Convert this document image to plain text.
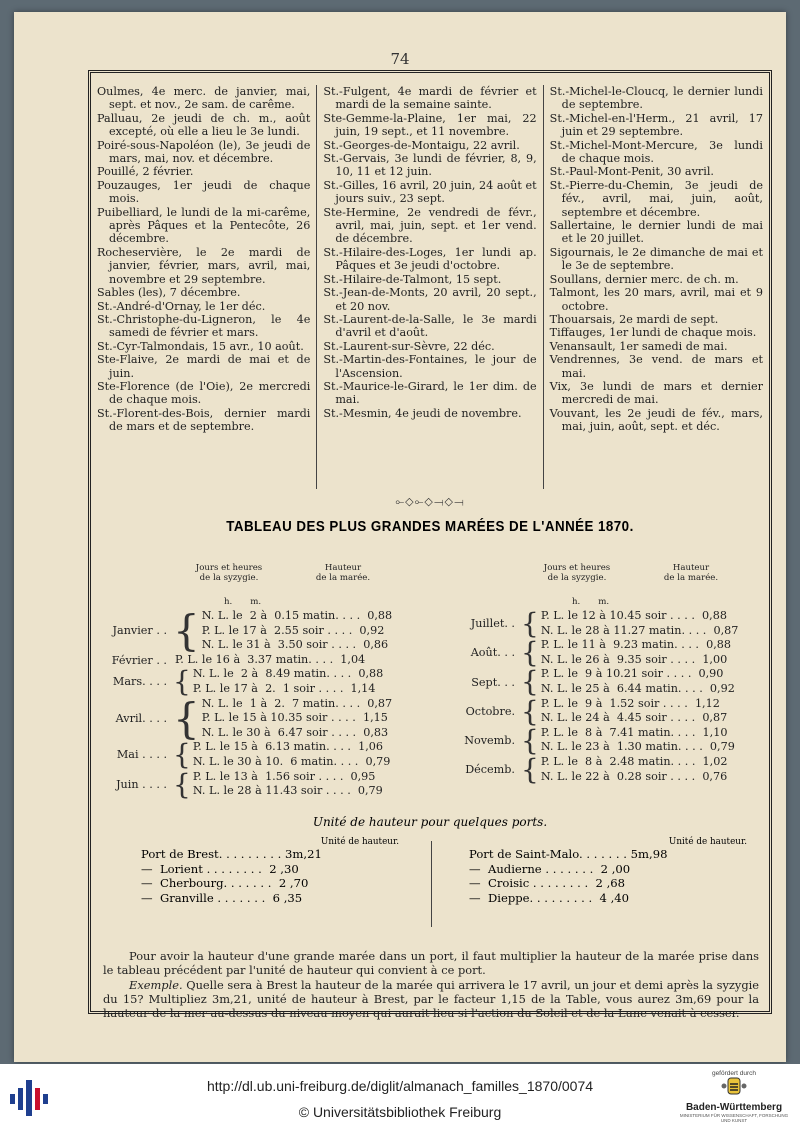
74
Oulmes, 4e merc. de janvier, mai, sept. et nov., 2e sam. de carême.
Palluau, 2e jeudi de ch. m., août excepté, où elle a lieu le 3e lundi.
Poiré-sous-Napoléon (le), 3e jeudi de mars, mai, nov. et décembre.
Pouillé, 2 février.
Pouzauges, 1er jeudi de chaque mois.
Puibelliard, le lundi de la mi-carême, après Pâques et la Pentecôte, 26 décembre.
Rocheservière, le 2e mardi de janvier, février, mars, avril, mai, novembre et 29 septembre.
Sables (les), 7 décembre.
St.-André-d'Ornay, le 1er déc.
St.-Christophe-du-Ligneron, le 4e samedi de février et mars.
St.-Cyr-Talmondais, 15 avr., 10 août.
Ste-Flaive, 2e mardi de mai et de juin.
Ste-Florence (de l'Oie), 2e mercredi de chaque mois.
St.-Florent-des-Bois, dernier mardi de mars et de septembre.
St.-Fulgent, 4e mardi de février et mardi de la semaine sainte.
Ste-Gemme-la-Plaine, 1er mai, 22 juin, 19 sept., et 11 novembre.
St.-Georges-de-Montaigu, 22 avril.
St.-Gervais, 3e lundi de février, 8, 9, 10, 11 et 12 juin.
St.-Gilles, 16 avril, 20 juin, 24 août et jours suiv., 23 sept.
Ste-Hermine, 2e vendredi de févr., avril, mai, juin, sept. et 1er vend. de décembre.
St.-Hilaire-des-Loges, 1er lundi ap. Pâques et 3e jeudi d'octobre.
St.-Hilaire-de-Talmont, 15 sept.
St.-Jean-de-Monts, 20 avril, 20 sept., et 20 nov.
St.-Laurent-de-la-Salle, le 3e mardi d'avril et d'août.
St.-Laurent-sur-Sèvre, 22 déc.
St.-Martin-des-Fontaines, le jour de l'Ascension.
St.-Maurice-le-Girard, le 1er dim. de mai.
St.-Mesmin, 4e jeudi de novembre.
St.-Michel-le-Cloucq, le dernier lundi de septembre.
St.-Michel-en-l'Herm., 21 avril, 17 juin et 29 septembre.
St.-Michel-Mont-Mercure, 3e lundi de chaque mois.
St.-Paul-Mont-Penit, 30 avril.
St.-Pierre-du-Chemin, 3e jeudi de fév., avril, mai, juin, août, septembre et décembre.
Sallertaine, le dernier lundi de mai et le 20 juillet.
Sigournais, le 2e dimanche de mai et le 3e de septembre.
Soullans, dernier merc. de ch. m.
Talmont, les 20 mars, avril, mai et 9 octobre.
Thouarsais, 2e mardi de sept.
Tiffauges, 1er lundi de chaque mois.
Venansault, 1er samedi de mai.
Vendrennes, 3e vend. de mars et mai.
Vix, 3e lundi de mars et dernier mercredi de mai.
Vouvant, les 2e jeudi de fév., mars, mai, juin, août, sept. et déc.
⟜◇⟜◇⟞◇⟞
TABLEAU DES PLUS GRANDES MARÉES DE L'ANNÉE 1870.
Jours et heures
de la syzygie.
Hauteur
de la marée.
h. m.
Janvier . . { N. L. le  2 à  0.15 matin. . . .  0,88
P. L. le 17 à  2.55 soir . . . .  0,92
N. L. le 31 à  3.50 soir . . . .  0,86
Février . . P. L. le 16 à  3.37 matin. . . .  1,04
Mars. . . . { N. L. le  2 à  8.49 matin. . . .  0,88
P. L. le 17 à  2.  1 soir . . . .  1,14
Avril. . . . { N. L. le  1 à  2.  7 matin. . . .  0,87
P. L. le 15 à 10.35 soir . . . .  1,15
N. L. le 30 à  6.47 soir . . . .  0,83
Mai . . . . { P. L. le 15 à  6.13 matin. . . .  1,06
N. L. le 30 à 10.  6 matin. . . .  0,79
Juin . . . . { P. L. le 13 à  1.56 soir . . . .  0,95
N. L. le 28 à 11.43 soir . . . .  0,79
Jours et heures
de la syzygie.
Hauteur
de la marée.
h. m.
Juillet. . { P. L. le 12 à 10.45 soir . . . .  0,88
N. L. le 28 à 11.27 matin. . . .  0,87
Août. . . { P. L. le 11 à  9.23 matin. . . .  0,88
N. L. le 26 à  9.35 soir . . . .  1,00
Sept. . . { P. L. le  9 à 10.21 soir . . . .  0,90
N. L. le 25 à  6.44 matin. . . .  0,92
Octobre. { P. L. le  9 à  1.52 soir . . . .  1,12
N. L. le 24 à  4.45 soir . . . .  0,87
Novemb. { P. L. le  8 à  7.41 matin. . . .  1,10
N. L. le 23 à  1.30 matin. . . .  0,79
Décemb. { P. L. le  8 à  2.48 matin. . . .  1,02
N. L. le 22 à  0.28 soir . . . .  0,76
Unité de hauteur pour quelques ports.
Unité de hauteur.
Port de Brest. . . . . . . . . 3m,21
—  Lorient . . . . . . . .  2 ,30
—  Cherbourg. . . . . . .  2 ,70
—  Granville . . . . . . .  6 ,35
Unité de hauteur.
Port de Saint-Malo. . . . . . . 5m,98
—  Audierne . . . . . . .  2 ,00
—  Croisic . . . . . . . .  2 ,68
—  Dieppe. . . . . . . . .  4 ,40
Pour avoir la hauteur d'une grande marée dans un port, il faut multiplier la hauteur de la marée prise dans le tableau précédent par l'unité de hauteur qui convient à ce port.
Exemple. Quelle sera à Brest la hauteur de la marée qui arrivera le 17 avril, un jour et demi après la syzygie du 15? Multipliez 3m,21, unité de hauteur à Brest, par le facteur 1,15 de la Table, vous aurez 3m,69 pour la hauteur de la mer au-dessus du niveau moyen qui aurait lieu si l'action du Soleil et de la Lune venait à cesser.
http://dl.ub.uni-freiburg.de/diglit/almanach_familles_1870/0074
© Universitätsbibliothek Freiburg
gefördert durch
Baden-Württemberg
MINISTERIUM FÜR WISSENSCHAFT, FORSCHUNG UND KUNST
